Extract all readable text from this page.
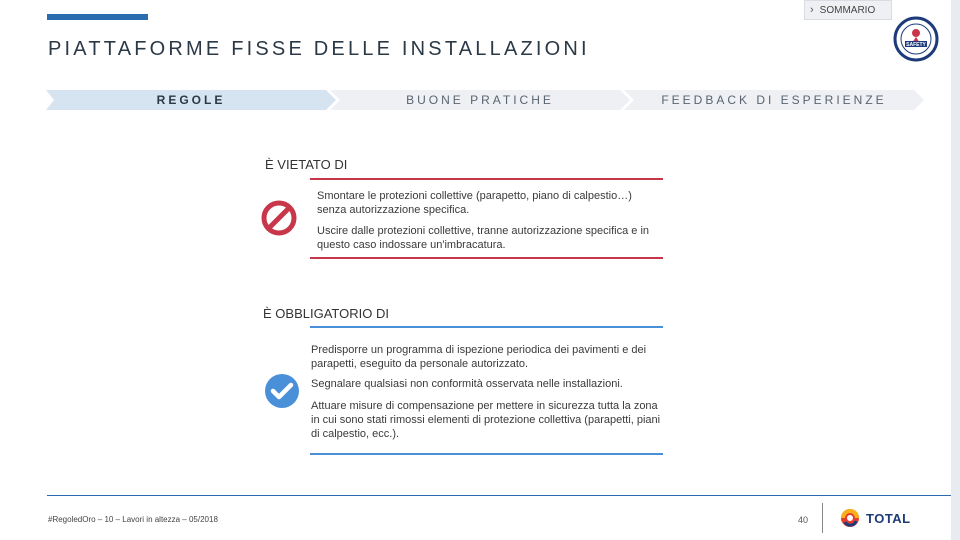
› SOMMARIO
PIATTAFORME FISSE DELLE INSTALLAZIONI	SAFETY
REGOLE	BUONE PRATICHE	FEEDBACK DI ESPERIENZE
È VIETATO DI
Smontare le protezioni collettive (parapetto, piano di calpestio…) senza autorizzazione specifica.
Uscire dalle protezioni collettive, tranne autorizzazione specifica e in questo caso indossare un'imbracatura.
È OBBLIGATORIO DI
Predisporre un programma di ispezione periodica dei pavimenti e dei parapetti, eseguito da personale autorizzato.
Segnalare qualsiasi non conformità osservata nelle installazioni.
Attuare misure di compensazione per mettere in sicurezza tutta la zona in cui sono stati rimossi elementi di protezione collettiva (parapetti, piani di calpestio, ecc.).
#RegoledOro – 10 – Lavori in altezza – 05/2018	40	TOTAL
